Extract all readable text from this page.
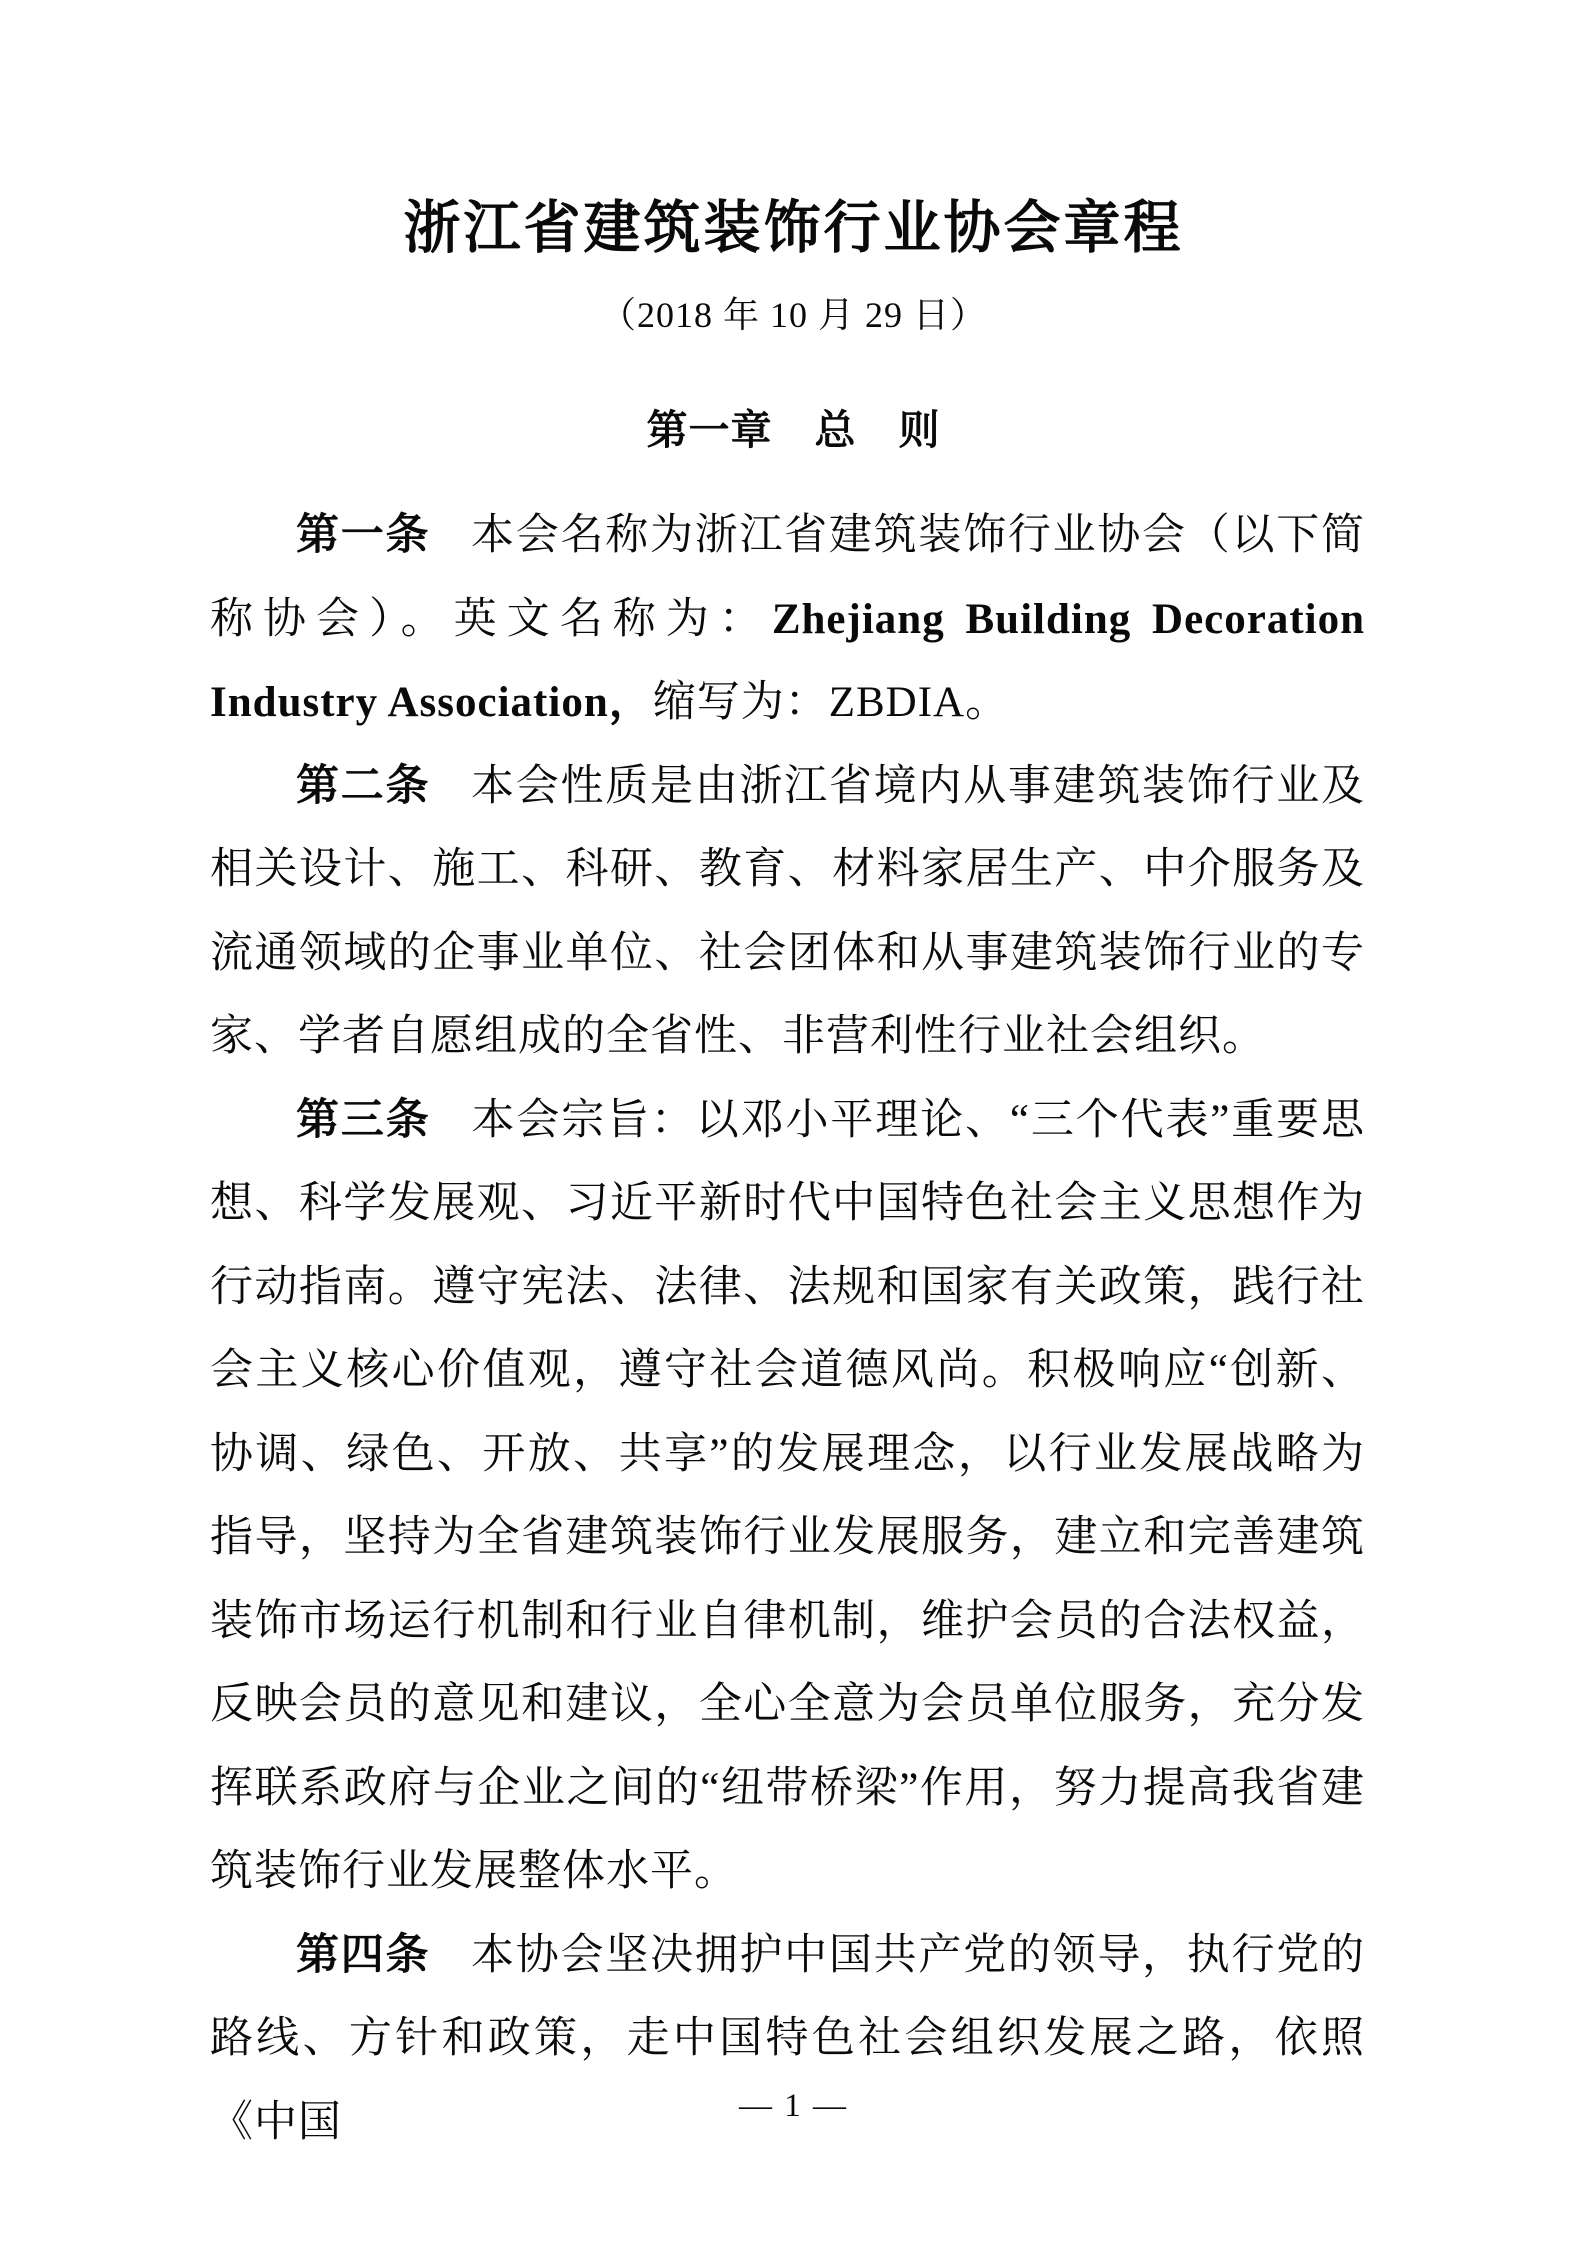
浙江省建筑装饰行业协会章程
（2018 年 10 月 29 日）
第一章　总　则

第一条 本会名称为浙江省建筑装饰行业协会（以下简称协会）。英文名称为：Zhejiang Building Decoration Industry Association，缩写为：ZBDIA。

第二条 本会性质是由浙江省境内从事建筑装饰行业及相关设计、施工、科研、教育、材料家居生产、中介服务及流通领域的企事业单位、社会团体和从事建筑装饰行业的专家、学者自愿组成的全省性、非营利性行业社会组织。

第三条 本会宗旨：以邓小平理论、“三个代表”重要思想、科学发展观、习近平新时代中国特色社会主义思想作为行动指南。遵守宪法、法律、法规和国家有关政策，践行社会主义核心价值观，遵守社会道德风尚。积极响应“创新、协调、绿色、开放、共享”的发展理念，以行业发展战略为指导，坚持为全省建筑装饰行业发展服务，建立和完善建筑装饰市场运行机制和行业自律机制，维护会员的合法权益，反映会员的意见和建议，全心全意为会员单位服务，充分发挥联系政府与企业之间的“纽带桥梁”作用，努力提高我省建筑装饰行业发展整体水平。

第四条 本协会坚决拥护中国共产党的领导，执行党的路线、方针和政策，走中国特色社会组织发展之路，依照《中国	— 1 —
